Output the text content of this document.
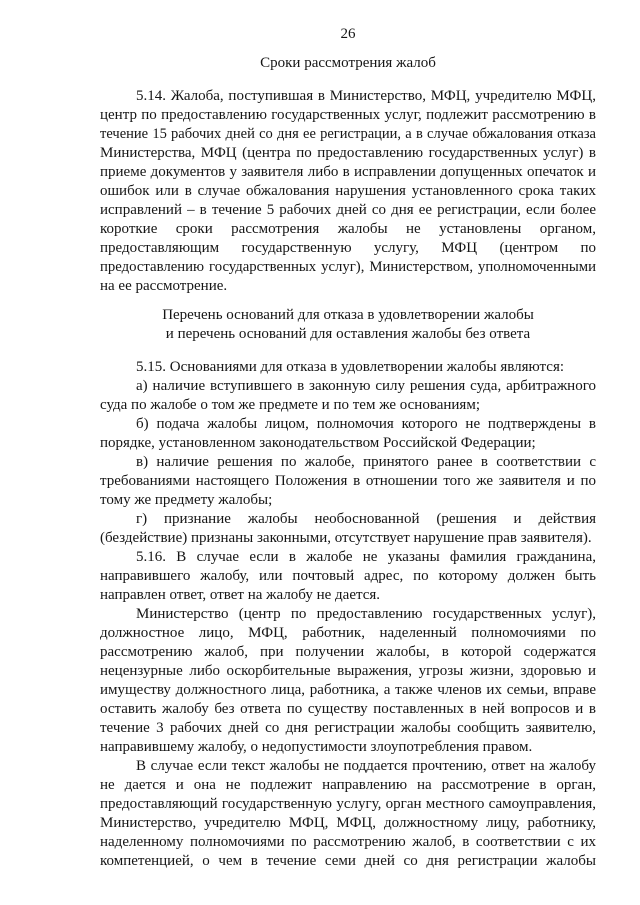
26
Сроки рассмотрения жалоб
5.14. Жалоба, поступившая в Министерство, МФЦ, учредителю МФЦ,
центр по предоставлению государственных услуг, подлежит рассмотрению в
течение 15 рабочих дней со дня ее регистрации, а в случае обжалования отказа
Министерства, МФЦ (центра по предоставлению государственных услуг) в
приеме документов у заявителя либо в исправлении допущенных опечаток и
ошибок или в случае обжалования нарушения установленного срока таких
исправлений – в течение 5 рабочих дней со дня ее регистрации, если более
короткие сроки рассмотрения жалобы не установлены органом,
предоставляющим государственную услугу, МФЦ (центром по
предоставлению государственных услуг), Министерством, уполномоченными
на ее рассмотрение.
Перечень оснований для отказа в удовлетворении жалобы
и перечень оснований для оставления жалобы без ответа
5.15. Основаниями для отказа в удовлетворении жалобы являются:
а) наличие вступившего в законную силу решения суда, арбитражного
суда по жалобе о том же предмете и по тем же основаниям;
б) подача жалобы лицом, полномочия которого не подтверждены в
порядке, установленном законодательством Российской Федерации;
в) наличие решения по жалобе, принятого ранее в соответствии с
требованиями настоящего Положения в отношении того же заявителя и по
тому же предмету жалобы;
г) признание жалобы необоснованной (решения и действия
(бездействие) признаны законными, отсутствует нарушение прав заявителя).
5.16. В случае если в жалобе не указаны фамилия гражданина,
направившего жалобу, или почтовый адрес, по которому должен быть
направлен ответ, ответ на жалобу не дается.
Министерство (центр по предоставлению государственных услуг),
должностное лицо, МФЦ, работник, наделенный полномочиями по
рассмотрению жалоб, при получении жалобы, в которой содержатся
нецензурные либо оскорбительные выражения, угрозы жизни, здоровью и
имуществу должностного лица, работника, а также членов их семьи, вправе
оставить жалобу без ответа по существу поставленных в ней вопросов и в
течение 3 рабочих дней со дня регистрации жалобы сообщить заявителю,
направившему жалобу, о недопустимости злоупотребления правом.
В случае если текст жалобы не поддается прочтению, ответ на жалобу
не дается и она не подлежит направлению на рассмотрение в орган,
предоставляющий государственную услугу, орган местного самоуправления,
Министерство, учредителю МФЦ, МФЦ, должностному лицу, работнику,
наделенному полномочиями по рассмотрению жалоб, в соответствии с их
компетенцией, о чем в течение семи дней со дня регистрации жалобы
